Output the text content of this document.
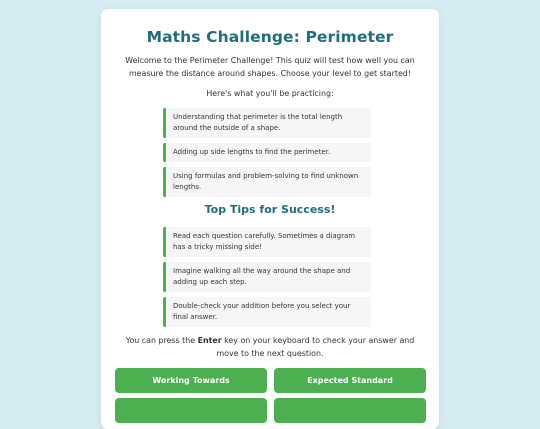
Maths Challenge: Perimeter

Welcome to the Perimeter Challenge! This quiz will test how well you can measure the distance around shapes. Choose your level to get started!

Here's what you'll be practicing:

Understanding that perimeter is the total length around the outside of a shape.
Adding up side lengths to find the perimeter.
Using formulas and problem-solving to find unknown lengths.
Top Tips for Success!
Read each question carefully. Sometimes a diagram has a tricky missing side!
Imagine walking all the way around the shape and adding up each step.
Double-check your addition before you select your final answer.

You can press the Enter key on your keyboard to check your answer and move to the next question.

Working Towards	Expected Standard
